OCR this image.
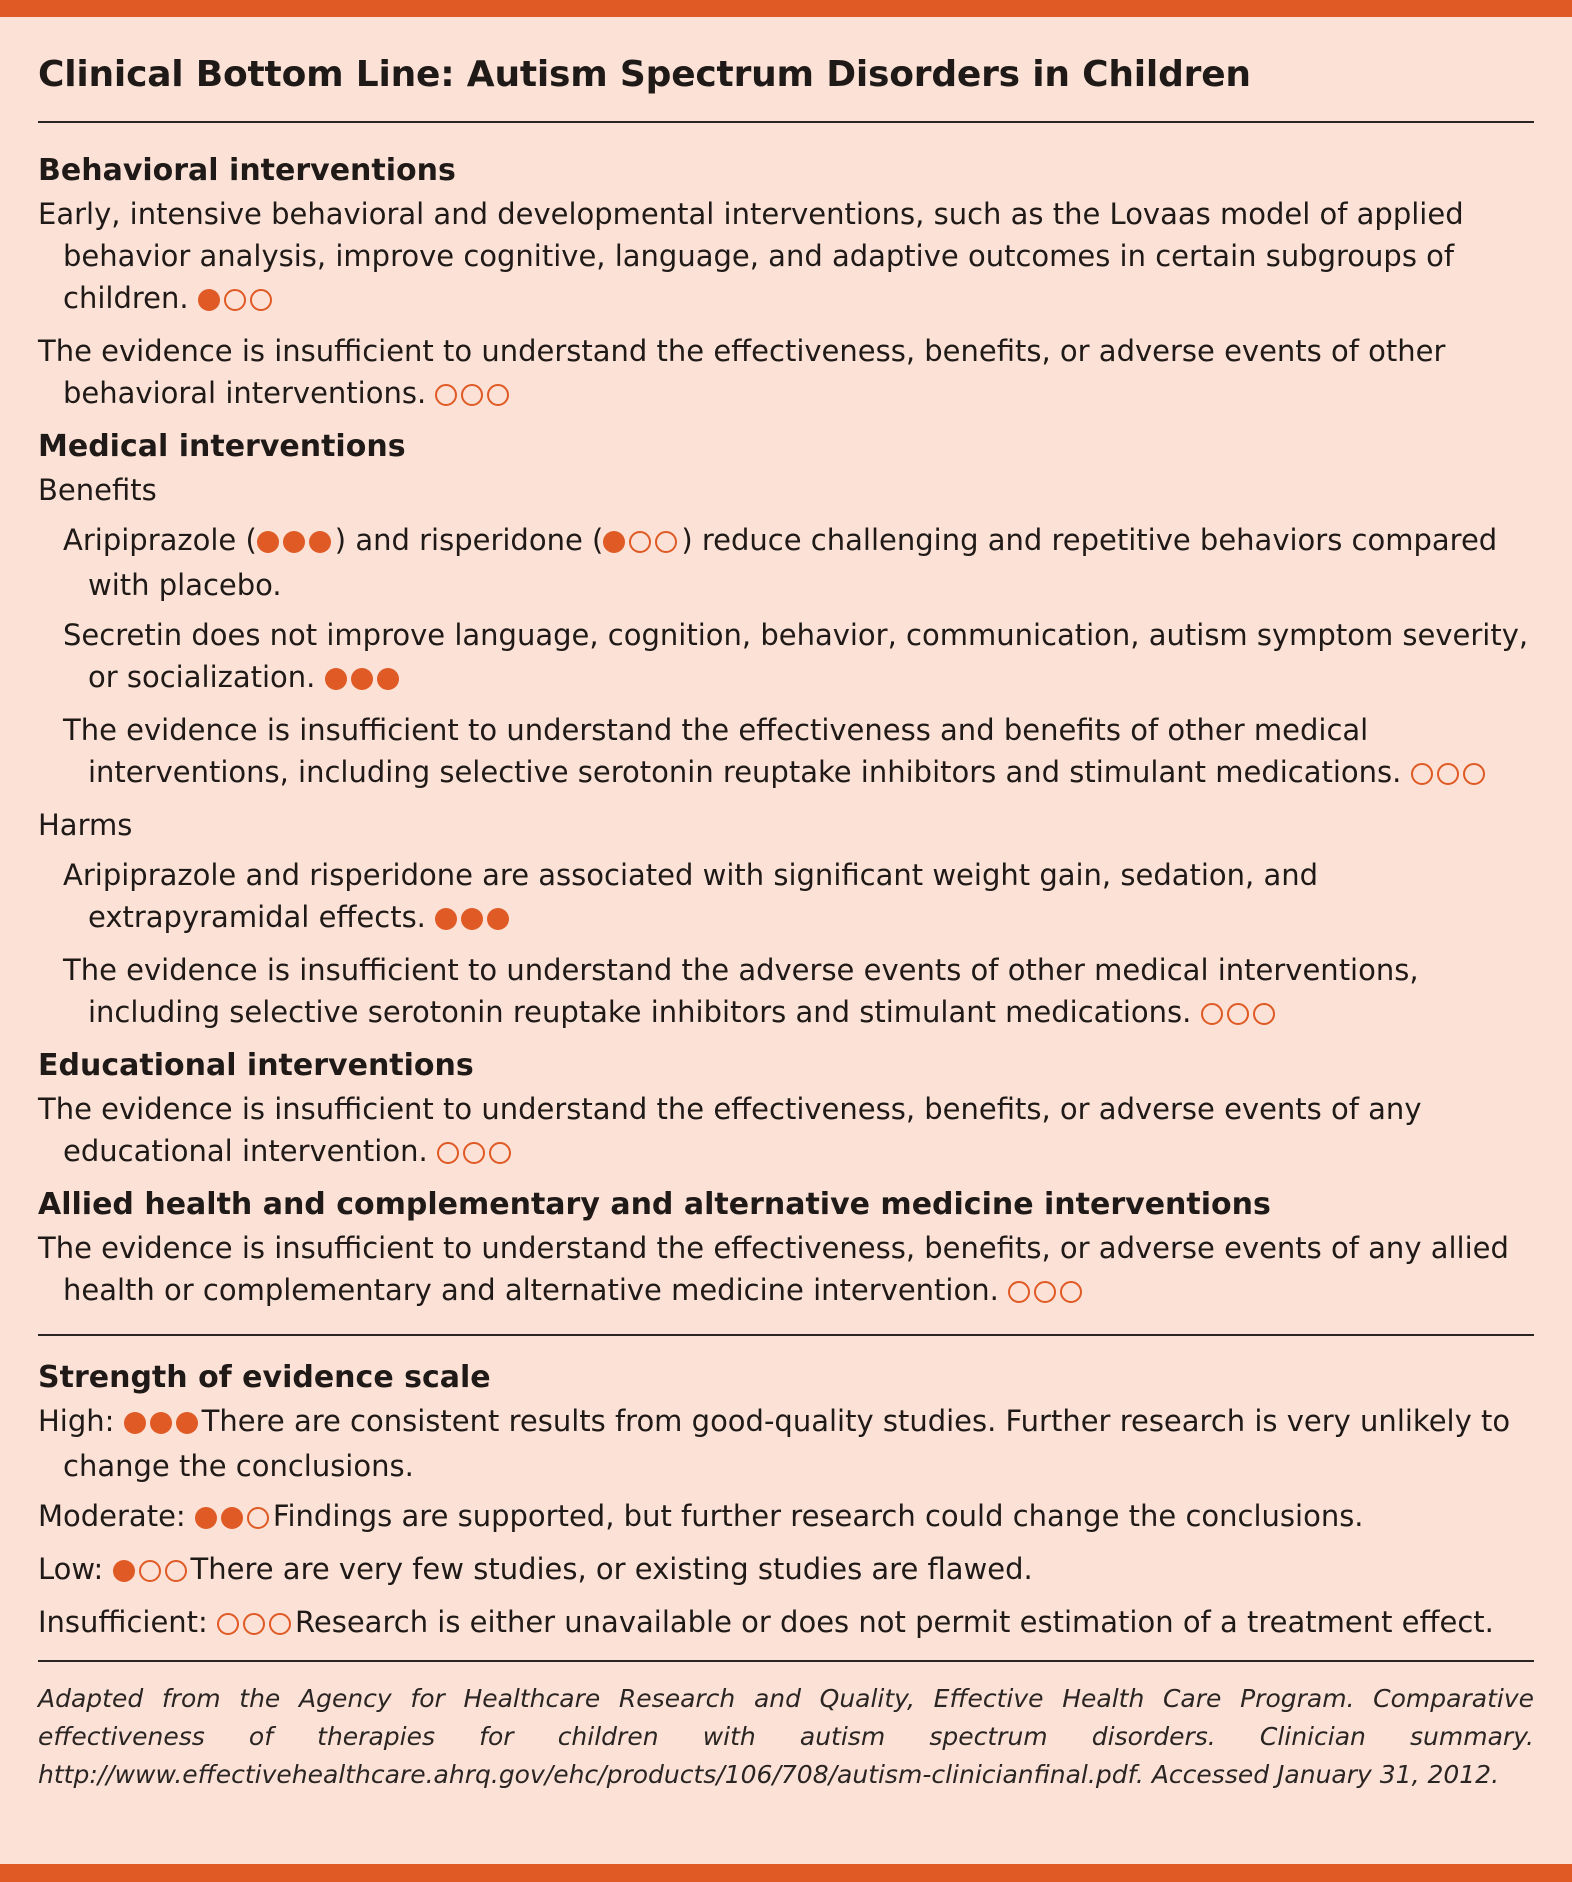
Clinical Bottom Line: Autism Spectrum Disorders in Children
Behavioral interventions

Early, intensive behavioral and developmental interventions, such as the Lovaas model of applied behavior analysis, improve cognitive, language, and adaptive outcomes in certain subgroups of children.

The evidence is insufficient to understand the effectiveness, benefits, or adverse events of other behavioral interventions.

Medical interventions
Benefits

Aripiprazole (	) and risperidone (	) reduce challenging and repetitive behaviors compared with placebo.

Secretin does not improve language, cognition, behavior, communication, autism symptom severity, or socialization.

The evidence is insufficient to understand the effectiveness and benefits of other medical interventions, including selective serotonin reuptake inhibitors and stimulant medications.

Harms

Aripiprazole and risperidone are associated with significant weight gain, sedation, and extrapyramidal effects.

The evidence is insufficient to understand the adverse events of other medical interventions, including selective serotonin reuptake inhibitors and stimulant medications.

Educational interventions

The evidence is insufficient to understand the effectiveness, benefits, or adverse events of any educational intervention.

Allied health and complementary and alternative medicine interventions

The evidence is insufficient to understand the effectiveness, benefits, or adverse events of any allied health or complementary and alternative medicine intervention.

Strength of evidence scale

High:	There are consistent results from good-quality studies. Further research is very unlikely to change the conclusions.

Moderate:	Findings are supported, but further research could change the conclusions.

Low:	There are very few studies, or existing studies are flawed.

Insufficient:	Research is either unavailable or does not permit estimation of a treatment effect.

Adapted from the Agency for Healthcare Research and Quality, Effective Health Care Program. Comparative effectiveness of therapies for children with autism spectrum disorders. Clinician summary. http://www.effectivehealthcare.ahrq.gov/ehc/products/106/708/autism-clinicianfinal.pdf. Accessed January 31, 2012.
